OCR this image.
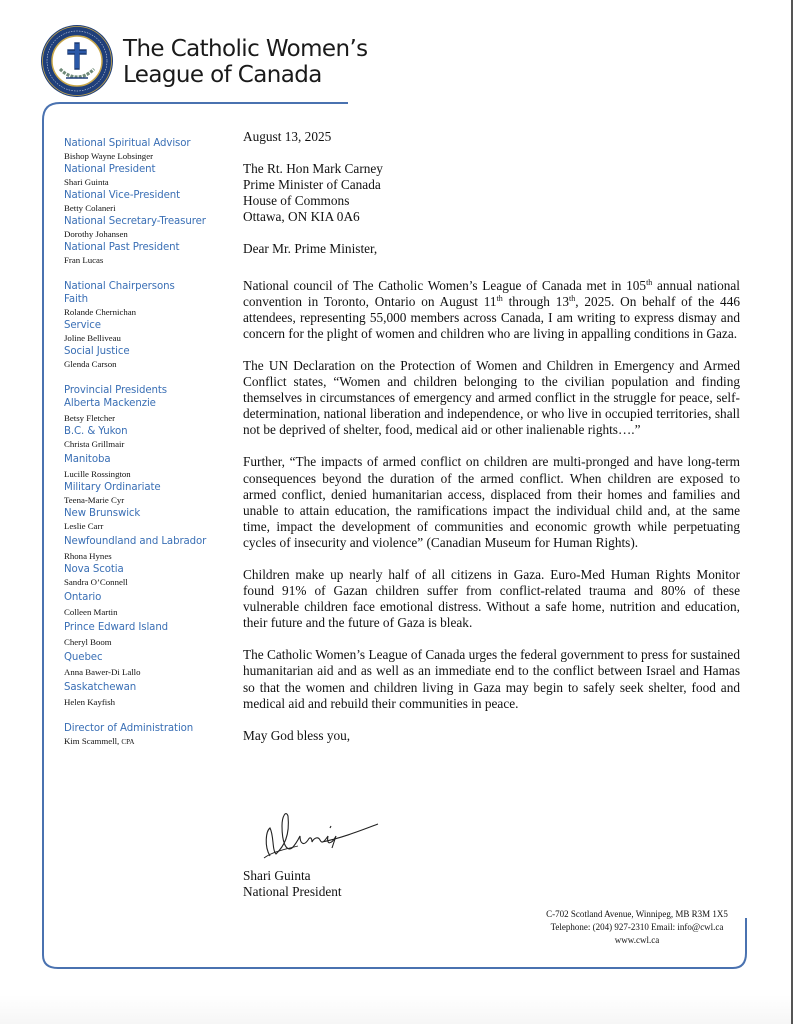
The Catholic Women’s
League of Canada
National Spiritual Advisor
Bishop Wayne Lobsinger
National President
Shari Guinta
National Vice-President
Betty Colaneri
National Secretary-Treasurer
Dorothy Johansen
National Past President
Fran Lucas
National Chairpersons
Faith
Rolande Chernichan
Service
Joline Belliveau
Social Justice
Glenda Carson
Provincial Presidents
Alberta Mackenzie
Betsy Fletcher
B.C. & Yukon
Christa Grillmair
Manitoba
Lucille Rossington
Military Ordinariate
Teena-Marie Cyr
New Brunswick
Leslie Carr
Newfoundland and Labrador
Rhona Hynes
Nova Scotia
Sandra O’Connell
Ontario
Colleen Martin
Prince Edward Island
Cheryl Boom
Quebec
Anna Bawer-Di Lallo
Saskatchewan
Helen Kayfish
Director of Administration
Kim Scammell, CPA

August 13, 2025

The Rt. Hon Mark Carney

Prime Minister of Canada

House of Commons

Ottawa, ON KIA 0A6

Dear Mr. Prime Minister,

National council of The Catholic Women’s League of Canada met in 105th annual national convention in Toronto, Ontario on August 11th through 13th, 2025. On behalf of the 446 attendees, representing 55,000 members across Canada, I am writing to express dismay and concern for the plight of women and children who are living in appalling conditions in Gaza.

The UN Declaration on the Protection of Women and Children in Emergency and Armed Conflict states, “Women and children belonging to the civilian population and finding themselves in circumstances of emergency and armed conflict in the struggle for peace, self-determination, national liberation and independence, or who live in occupied territories, shall not be deprived of shelter, food, medical aid or other inalienable rights….”

Further, “The impacts of armed conflict on children are multi-pronged and have long-term consequences beyond the duration of the armed conflict. When children are exposed to armed conflict, denied humanitarian access, displaced from their homes and families and unable to attain education, the ramifications impact the individual child and, at the same time, impact the development of communities and economic growth while perpetuating cycles of insecurity and violence” (Canadian Museum for Human Rights).

Children make up nearly half of all citizens in Gaza. Euro-Med Human Rights Monitor found 91% of Gazan children suffer from conflict-related trauma and 80% of these vulnerable children face emotional distress. Without a safe home, nutrition and education, their future and the future of Gaza is bleak.

The Catholic Women’s League of Canada urges the federal government to press for sustained humanitarian aid and as well as an immediate end to the conflict between Israel and Hamas so that the women and children living in Gaza may begin to safely seek shelter, food and medical aid and rebuild their communities in peace.

May God bless you,

Shari Guinta
National President
C-702 Scotland Avenue, Winnipeg, MB R3M 1X5
Telephone: (204) 927-2310 Email: info@cwl.ca
www.cwl.ca
